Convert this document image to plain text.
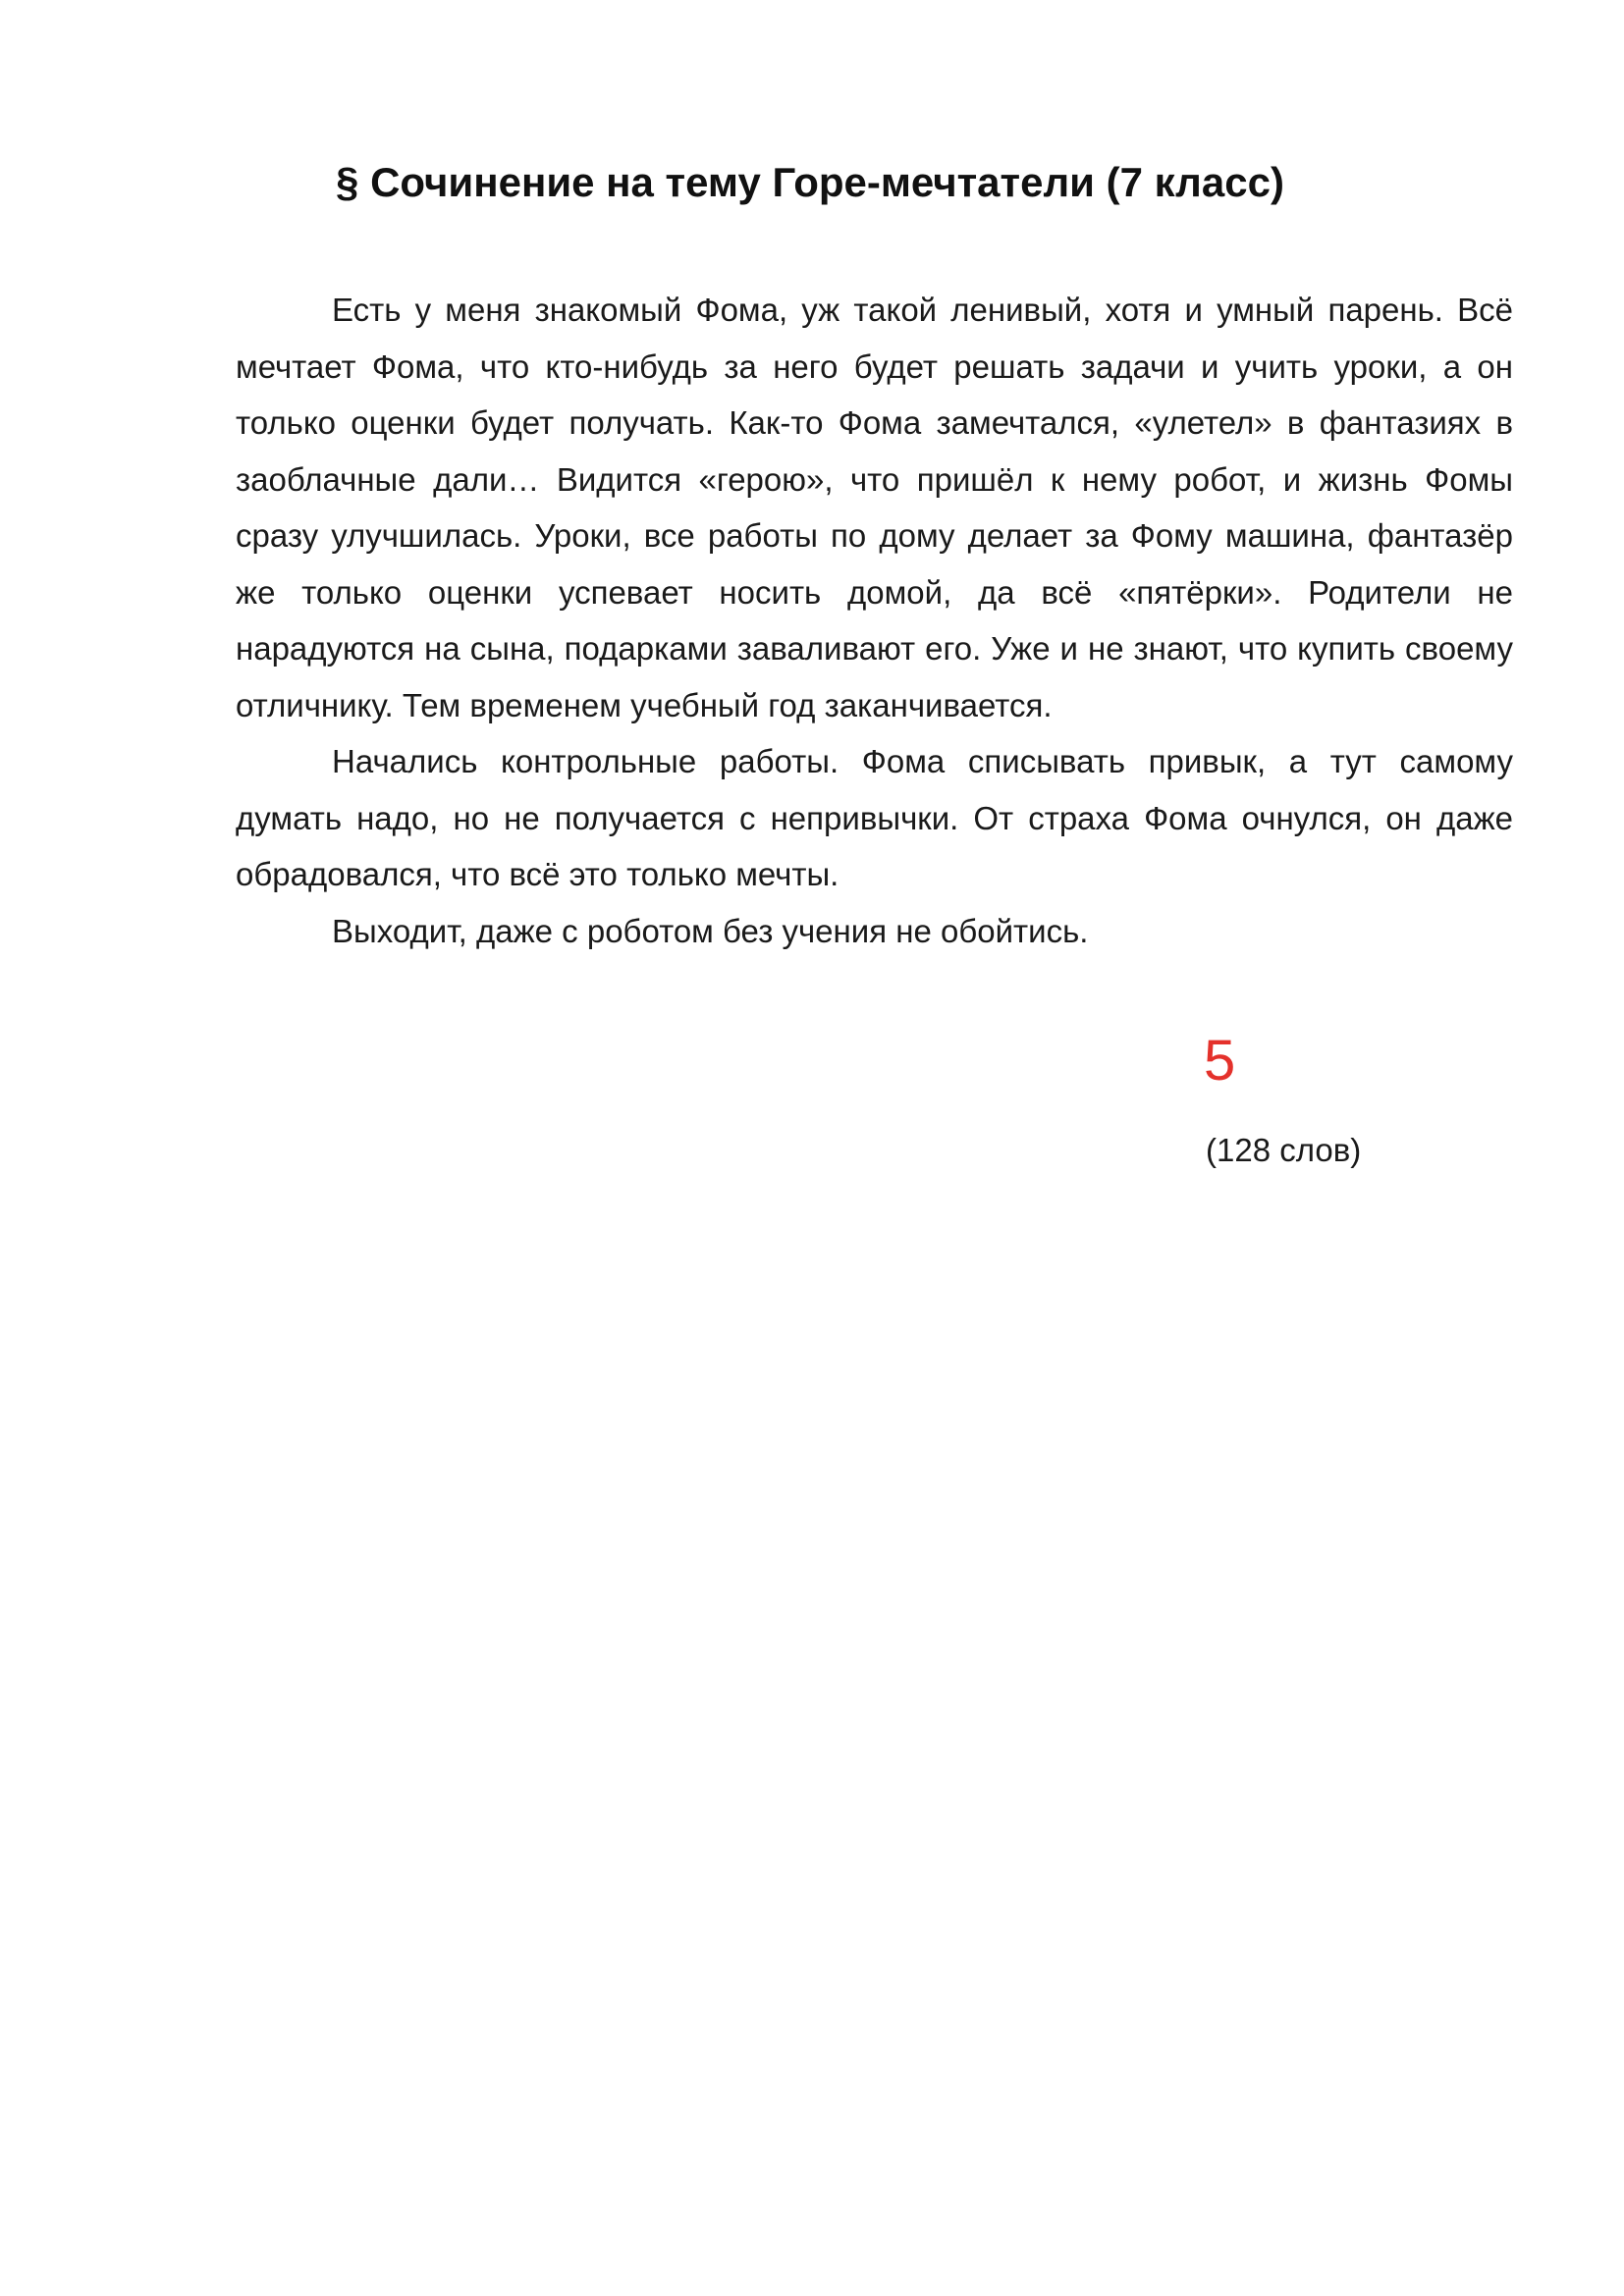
§ Сочинение на тему Горе-мечтатели (7 класс)

Есть у меня знакомый Фома, уж такой ленивый, хотя и умный парень. Всё мечтает Фома, что кто-нибудь за него будет решать задачи и учить уроки, а он только оценки будет получать. Как-то Фома замечтался, «улетел» в фантазиях в заоблачные дали… Видится «герою», что пришёл к нему робот, и жизнь Фомы сразу улучшилась. Уроки, все работы по дому делает за Фому машина, фантазёр же только оценки успевает носить домой, да всё «пятёрки». Родители не нарадуются на сына, подарками заваливают его. Уже и не знают, что купить своему отличнику. Тем временем учебный год заканчивается.

Начались контрольные работы. Фома списывать привык, а тут самому думать надо, но не получается с непривычки. От страха Фома очнулся, он даже обрадовался, что всё это только мечты.

Выходит, даже с роботом без учения не обойтись.

5
(128 слов)
